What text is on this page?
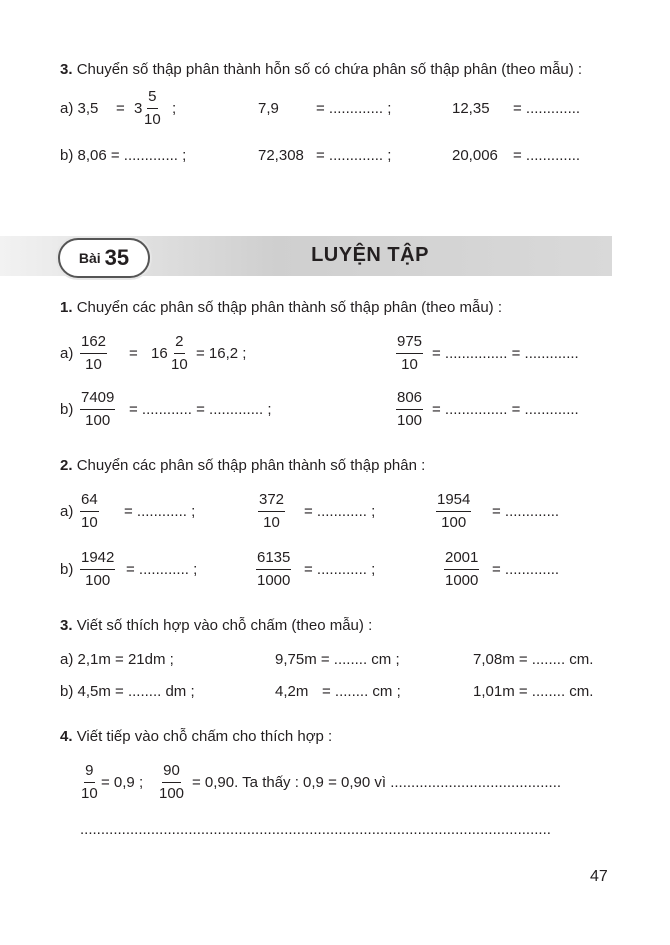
3. Chuyển số thập phân thành hỗn số có chứa phân số thập phân (theo mẫu) :
a) $3,5 = 3 \frac{5}{10}$ ;	7,9 = ............. ;	12,35 = .............
b) 8,06 = ............. ;	72,308 = ............. ;	20,006 = .............
Bài 35	LUYỆN TẬP
1. Chuyển các phân số thập phân thành số thập phân (theo mẫu) :
$a) \frac{162}{10} = 16 \frac{2}{10} = 16,2$ ;	$\frac{975}{10}$ = ............... = .............
$b) \frac{7409}{100}$ = ............ = ............. ;	$\frac{806}{100}$ = ............... = .............
2. Chuyển các phân số thập phân thành số thập phân :
$a) \frac{64}{10}$ = ............ ;	$\frac{372}{10}$ = ............ ;	$\frac{1954}{100}$ = .............
$b) \frac{1942}{100}$ = ............ ;	$\frac{6135}{1000}$ = ............ ;	$\frac{2001}{1000}$ = .............
3. Viết số thích hợp vào chỗ chấm (theo mẫu) :
a) 2,1m = 21dm ;	9,75m = ........ cm ;	7,08m = ........ cm.
b) 4,5m = ........ dm ;	4,2m = ........ cm ;	1,01m = ........ cm.
4. Viết tiếp vào chỗ chấm cho thích hợp :
$\frac{9}{10} = 0,9$ ; $\frac{90}{100} = 0,90$. Ta thấy : 0,9 = 0,90 vì .........................................
.................................................................................................................
47
